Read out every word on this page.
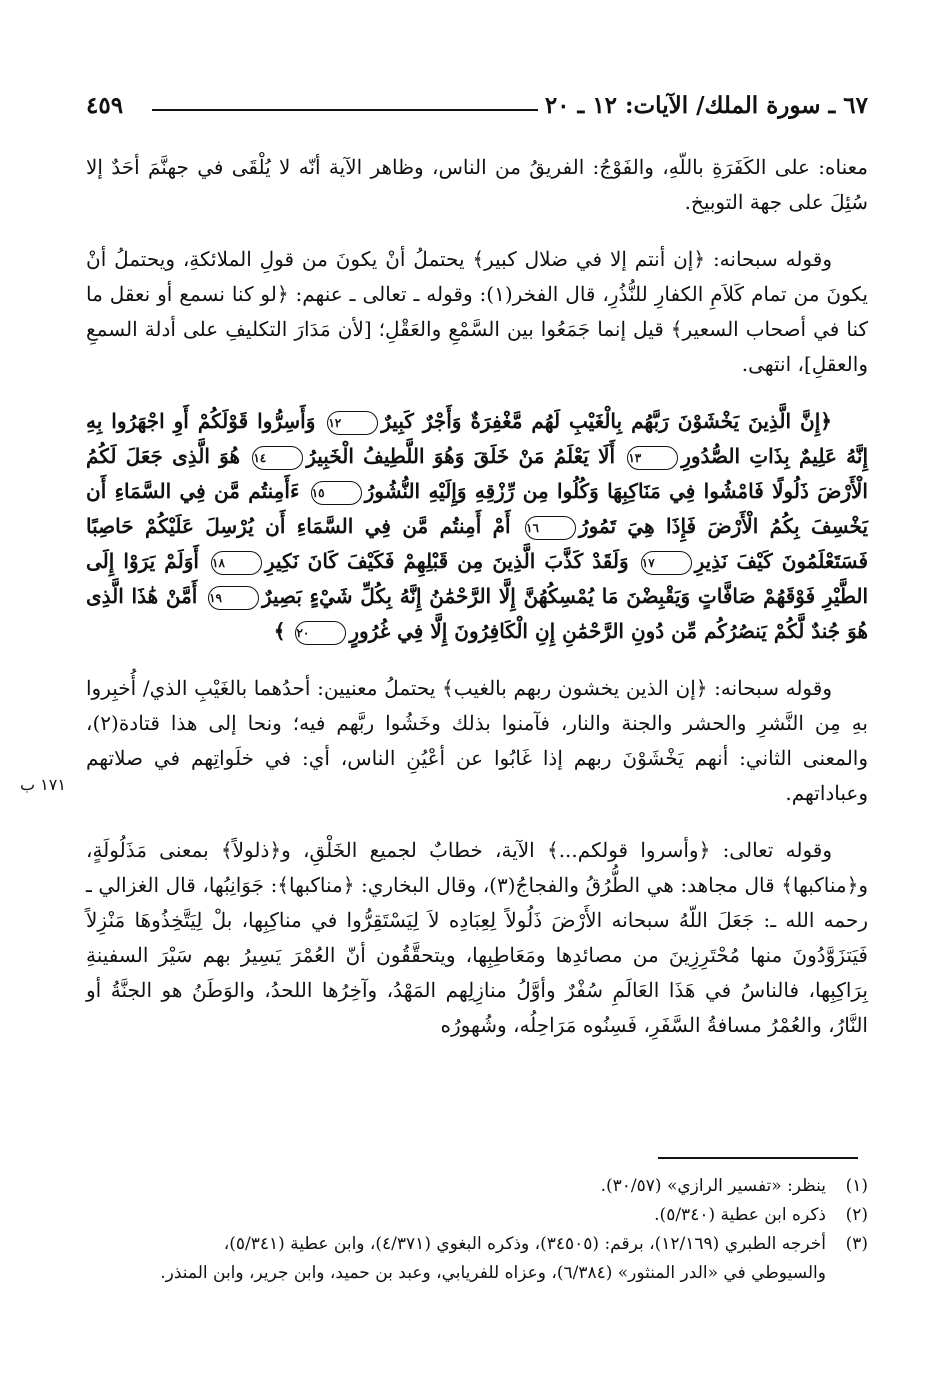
٦٧ ـ سورة الملك/ الآيات: ١٢ ـ ٢٠
٤٥٩

معناه: على الكَفَرَةِ باللّهِ، والفَوْجُ: الفريقُ من الناس، وظاهر الآية أنّه لا يُلْقَى في جهنَّمَ أحَدٌ إلا سُئِلَ على جهة التوبيخ.

وقوله سبحانه: ﴿إن أنتم إلا في ضلال كبير﴾ يحتملُ أنْ يكونَ من قولِ الملائكةِ، ويحتملُ أنْ يكونَ من تمام كَلاَمِ الكفارِ للنُّذُرِ، قال الفخر(١): وقوله ـ تعالى ـ عنهم: ﴿لو كنا نسمع أو نعقل ما كنا في أصحاب السعير﴾ قيل إنما جَمَعُوا بين السَّمْعِ والعَقْلِ؛ [لأن مَدَارَ التكليفِ على أدلة السمعِ والعقلِ]، انتهى.

﴿إِنَّ الَّذِينَ يَخْشَوْنَ رَبَّهُم بِالْغَيْبِ لَهُم مَّغْفِرَةٌ وَأَجْرٌ كَبِيرٌ١٢ وَأَسِرُّوا قَوْلَكُمْ أَوِ اجْهَرُوا بِهِ إِنَّهُ عَلِيمٌ بِذَاتِ الصُّدُورِ١٣ أَلَا يَعْلَمُ مَنْ خَلَقَ وَهُوَ اللَّطِيفُ الْخَبِيرُ١٤ هُوَ الَّذِى جَعَلَ لَكُمُ الْأَرْضَ ذَلُولًا فَامْشُوا فِي مَنَاكِبِهَا وَكُلُوا مِن رِّزْقِهِ وَإِلَيْهِ النُّشُورُ١٥ ءَأَمِنتُم مَّن فِي السَّمَاءِ أَن يَخْسِفَ بِكُمُ الْأَرْضَ فَإِذَا هِيَ تَمُورُ١٦ أَمْ أَمِنتُم مَّن فِي السَّمَاءِ أَن يُرْسِلَ عَلَيْكُمْ حَاصِبًا فَسَتَعْلَمُونَ كَيْفَ نَذِيرِ١٧ وَلَقَدْ كَذَّبَ الَّذِينَ مِن قَبْلِهِمْ فَكَيْفَ كَانَ نَكِيرِ١٨ أَوَلَمْ يَرَوْا إِلَى الطَّيْرِ فَوْقَهُمْ صَافَّاتٍ وَيَقْبِضْنَ مَا يُمْسِكُهُنَّ إِلَّا الرَّحْمَٰنُ إِنَّهُ بِكُلِّ شَيْءٍ بَصِيرٌ١٩ أَمَّنْ هَٰذَا الَّذِى هُوَ جُندٌ لَّكُمْ يَنصُرُكُم مِّن دُونِ الرَّحْمَٰنِ إِنِ الْكَافِرُونَ إِلَّا فِي غُرُورٍ٢٠ ﴾

وقوله سبحانه: ﴿إن الذين يخشون ربهم بالغيب﴾ يحتملُ معنيين: أحدُهما بالغَيْبِ الذي/ أُخبِروا بهِ مِن النَّشرِ والحشر والجنة والنار، فآمنوا بذلك وخَشُوا ربَّهم فيه؛ ونحا إلى هذا قتادة(٢)، والمعنى الثاني: أنهم يَخْشَوْنَ ربهم إذا غَابُوا عن أعْيُنِ الناس، أي: في خلَواتِهم في صلاتهم وعباداتهم.

وقوله تعالى: ﴿وأسروا قولكم...﴾ الآية، خطابٌ لجميع الخَلْقِ، و﴿ذلولاً﴾ بمعنى مَذَلُولَةٍ، و﴿مناكبها﴾ قال مجاهد: هي الطُّرُقُ والفجاجُ(٣)، وقال البخاري: ﴿مناكبها﴾: جَوَانِبُها، قال الغزالي ـ رحمه الله ـ: جَعَلَ اللّهُ سبحانه الأَرْضَ ذَلُولاً لِعِبَادِه لاَ لِيَسْتَقِرُّوا في مناكِبِها، بلْ لِيَتَّخِذُوهَا مَنْزِلاً فَيَتزَوَّدُونَ منها مُحْتَرِزِينَ من مصائدِها ومَعَاطِبِها، ويتحقَّقُون أنّ العُمْرَ يَسِيرُ بهم سَيْرَ السفينةِ بِرَاكِبِها، فالناسُ في هَذَا العَالَمِ سُفْرٌ وأوَّلُ منازِلِهم المَهْدُ، وآخِرُها اللحدُ، والوَطَنُ هو الجنَّةُ أو النَّارُ، والعُمْرُ مسافةُ السَّفَرِ، فَسِنُوه مَرَاحِلُه، وشُهورُه

١٧١ ب

(١)ينظر: «تفسير الرازي» (٣٠/٥٧).

(٢)ذكره ابن عطية (٥/٣٤٠).

(٣)أخرجه الطبري (١٢/١٦٩)، برقم: (٣٤٥٠٥)، وذكره البغوي (٤/٣٧١)، وابن عطية (٥/٣٤١)،

والسيوطي في «الدر المنثور» (٦/٣٨٤)، وعزاه للفريابي، وعبد بن حميد، وابن جرير، وابن المنذر.
